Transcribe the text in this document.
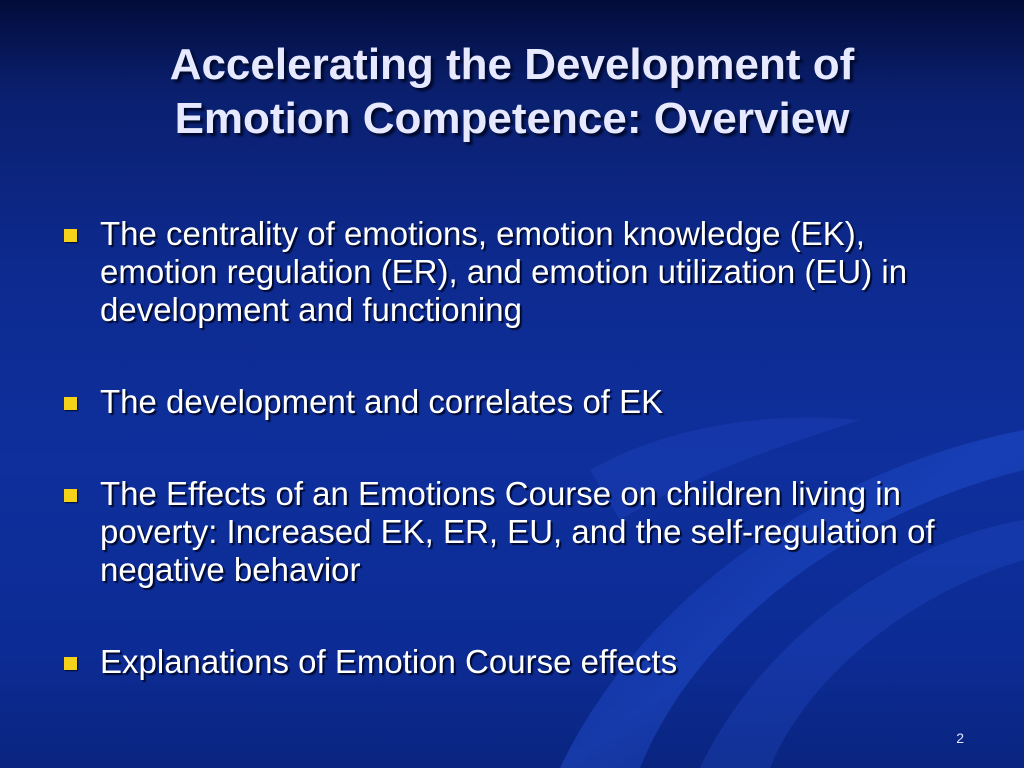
Accelerating the Development of
Emotion Competence: Overview
The centrality of emotions, emotion knowledge (EK), emotion regulation (ER), and emotion utilization (EU) in development and functioning
The development and correlates of EK
The Effects of an Emotions Course on children living in poverty: Increased EK, ER, EU, and the self-regulation of negative behavior
Explanations of Emotion Course effects
2
